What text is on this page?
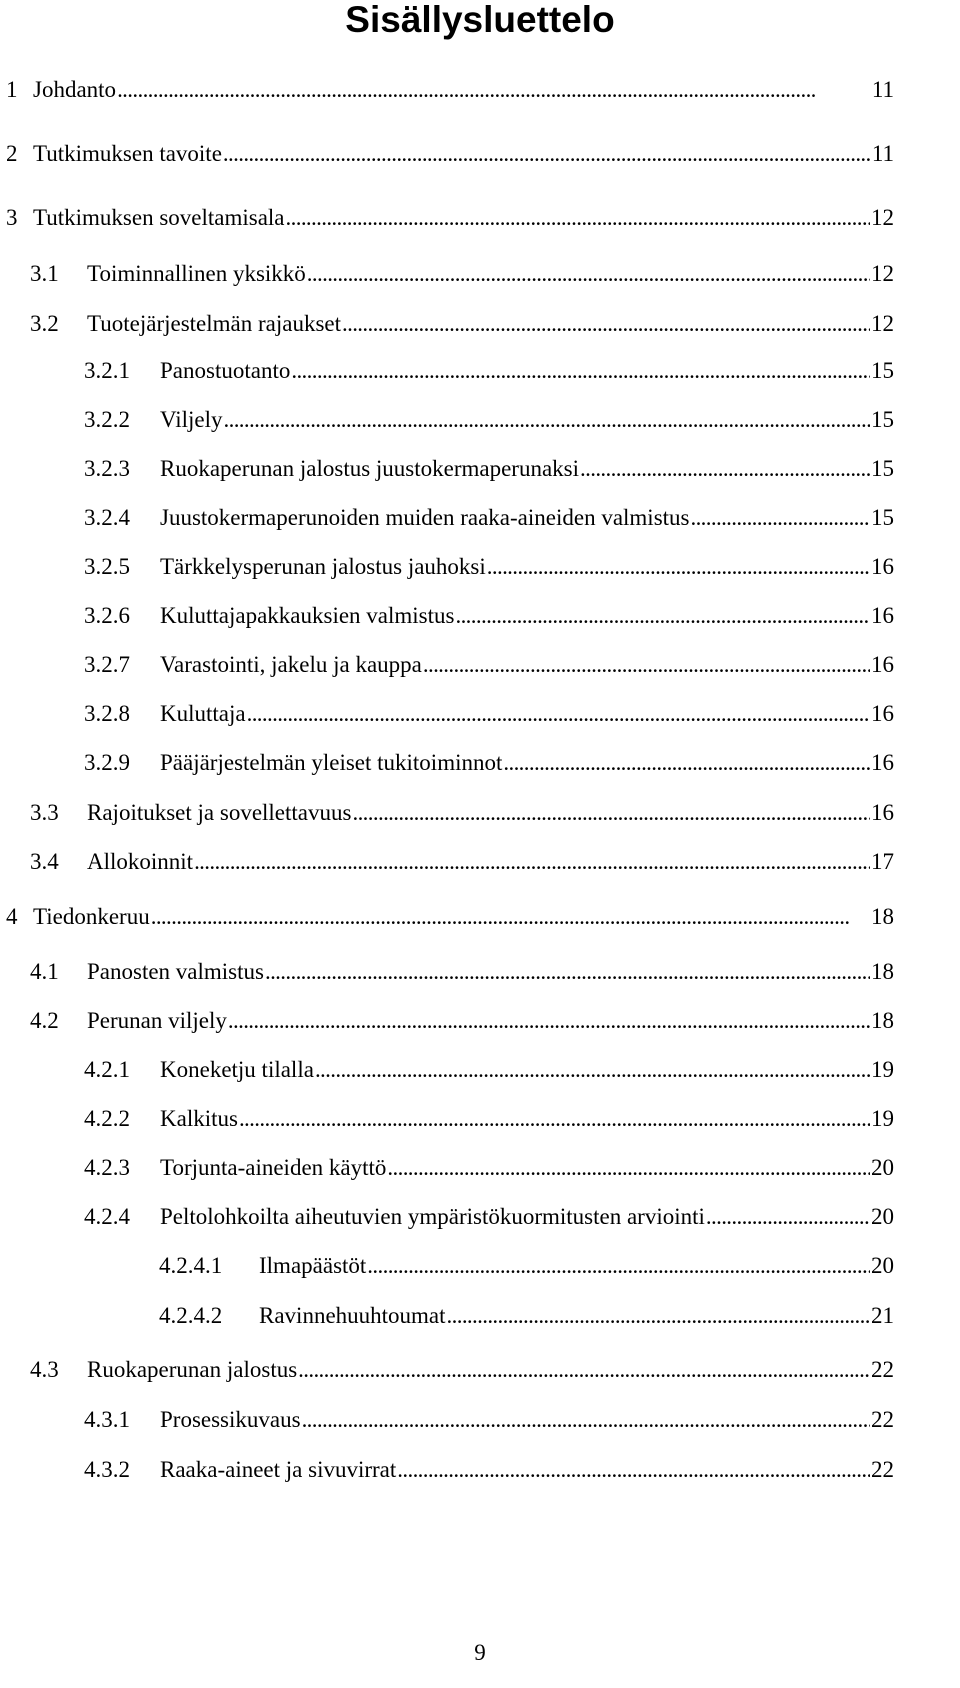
Sisällysluettelo
1 Johdanto . . .	11
2 Tutkimuksen tavoite . . .	11
3 Tutkimuksen soveltamisala . . .	12
3.1	Toiminnallinen yksikkö . . .	12
3.2	Tuotejärjestelmän rajaukset . . .	12
3.2.1	Panostuotanto . . .	15
3.2.2	Viljely . . .	15
3.2.3	Ruokaperunan jalostus juustokermaperunaksi . . .	15
3.2.4	Juustokermaperunoiden muiden raaka-aineiden valmistus . . .	15
3.2.5	Tärkkelysperunan jalostus jauhoksi . . .	16
3.2.6	Kuluttajapakkauksien valmistus . . .	16
3.2.7	Varastointi, jakelu ja kauppa . . .	16
3.2.8	Kuluttaja . . .	16
3.2.9	Pääjärjestelmän yleiset tukitoiminnot . . .	16
3.3	Rajoitukset ja sovellettavuus . . .	16
3.4	Allokoinnit . . .	17
4 Tiedonkeruu . . .	18
4.1	Panosten valmistus . . .	18
4.2	Perunan viljely . . .	18
4.2.1	Koneketju tilalla . . .	19
4.2.2	Kalkitus . . .	19
4.2.3	Torjunta-aineiden käyttö . . .	20
4.2.4	Peltolohkoilta aiheutuvien ympäristökuormitusten arviointi . . .	20
4.2.4.1	Ilmapäästöt . . .	20
4.2.4.2	Ravinnehuuhtoumat . . .	21
4.3	Ruokaperunan jalostus . . .	22
4.3.1	Prosessikuvaus . . .	22
4.3.2	Raaka-aineet ja sivuvirrat . . .	22
9
